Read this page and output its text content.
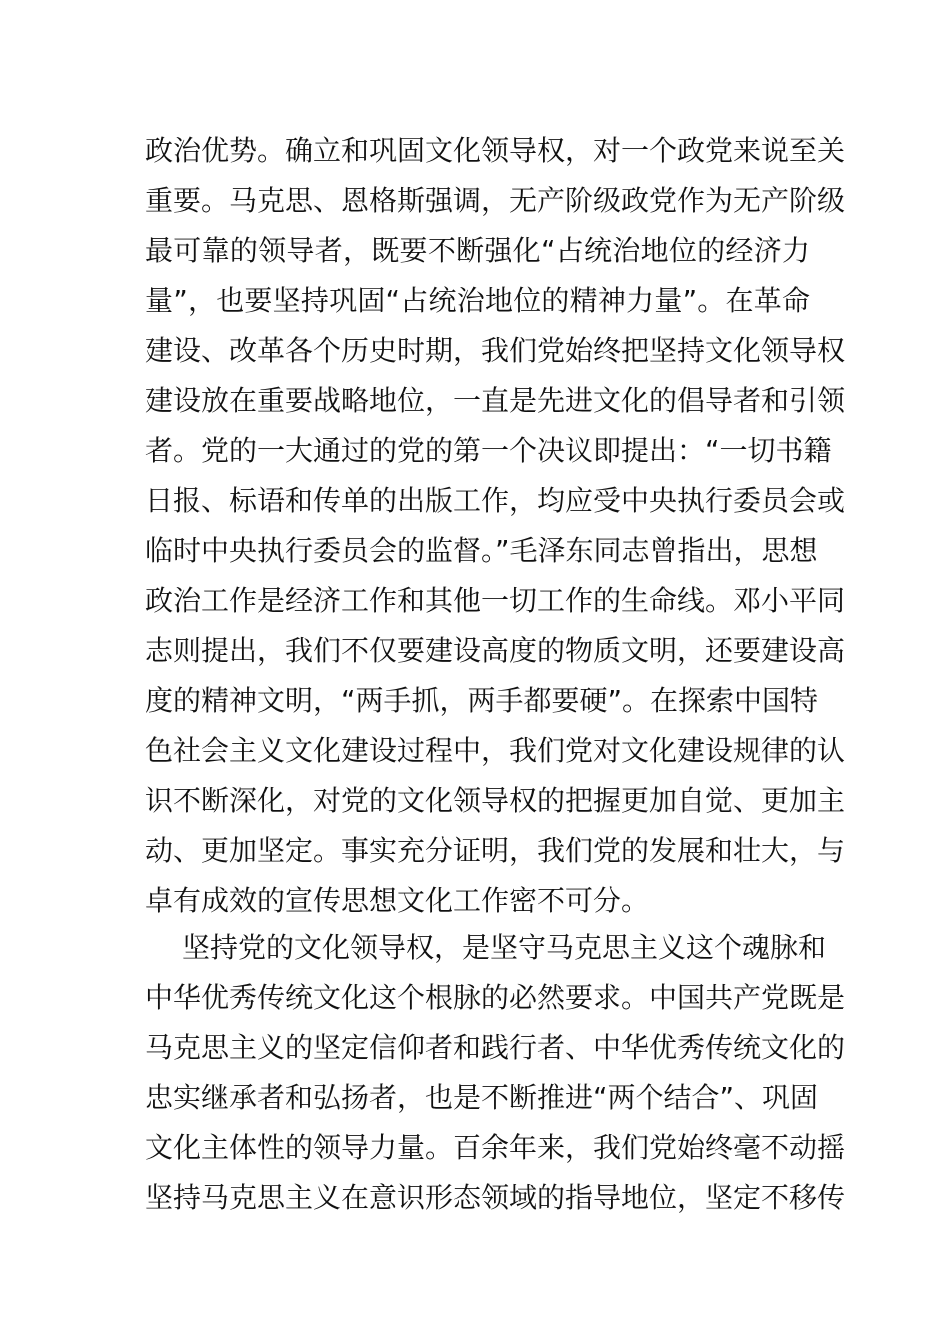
政治优势。确立和巩固文化领导权，对一个政党来说至关
重要。马克思、恩格斯强调，无产阶级政党作为无产阶级
最可靠的领导者，既要不断强化“占统治地位的经济力
量”，也要坚持巩固“占统治地位的精神力量”。在革命
建设、改革各个历史时期，我们党始终把坚持文化领导权
建设放在重要战略地位，一直是先进文化的倡导者和引领
者。党的一大通过的党的第一个决议即提出：“一切书籍
日报、标语和传单的出版工作，均应受中央执行委员会或
临时中央执行委员会的监督。”毛泽东同志曾指出，思想
政治工作是经济工作和其他一切工作的生命线。邓小平同
志则提出，我们不仅要建设高度的物质文明，还要建设高
度的精神文明，“两手抓，两手都要硬”。在探索中国特
色社会主义文化建设过程中，我们党对文化建设规律的认
识不断深化，对党的文化领导权的把握更加自觉、更加主
动、更加坚定。事实充分证明，我们党的发展和壮大，与
卓有成效的宣传思想文化工作密不可分。
坚持党的文化领导权，是坚守马克思主义这个魂脉和
中华优秀传统文化这个根脉的必然要求。中国共产党既是
马克思主义的坚定信仰者和践行者、中华优秀传统文化的
忠实继承者和弘扬者，也是不断推进“两个结合”、巩固
文化主体性的领导力量。百余年来，我们党始终毫不动摇
坚持马克思主义在意识形态领域的指导地位，坚定不移传
